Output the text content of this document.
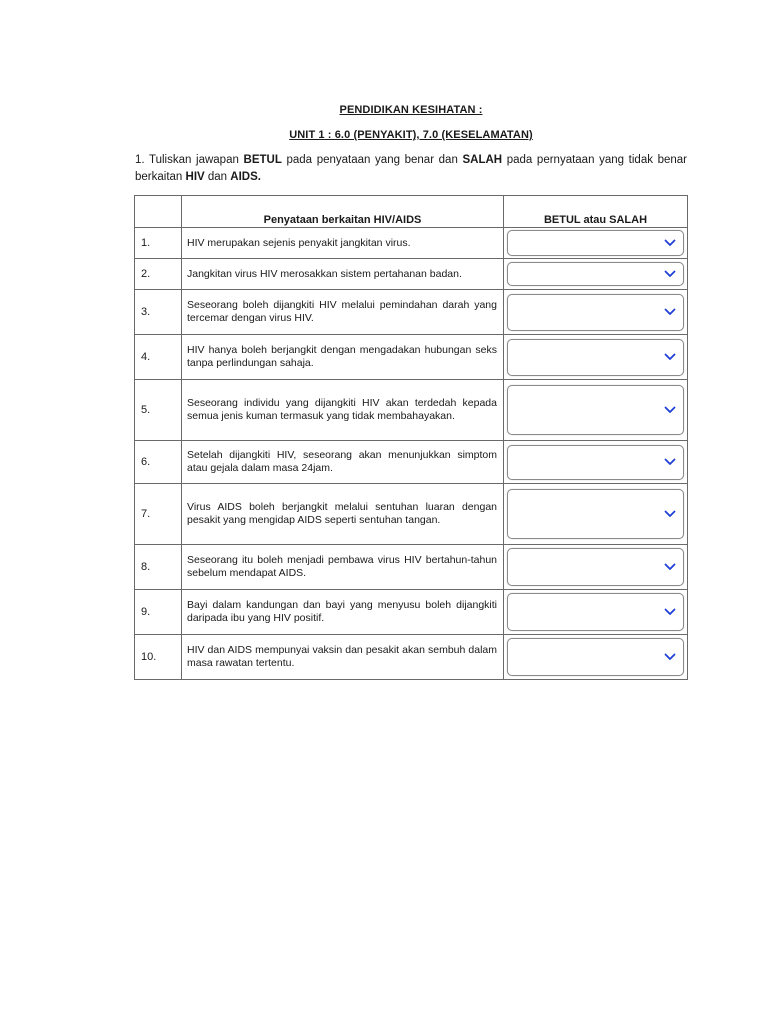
PENDIDIKAN KESIHATAN :
UNIT 1 : 6.0 (PENYAKIT), 7.0 (KESELAMATAN)
1. Tuliskan jawapan BETUL pada penyataan yang benar dan SALAH pada pernyataan yang tidak benar berkaitan HIV dan AIDS.
	Penyataan berkaitan HIV/AIDS	BETUL atau SALAH
1.	HIV merupakan sejenis penyakit jangkitan virus.	

2.	Jangkitan virus HIV merosakkan sistem pertahanan badan.	

3.	Seseorang boleh dijangkiti HIV melalui pemindahan darah yang tercemar dengan virus HIV.	

4.	HIV hanya boleh berjangkit dengan mengadakan hubungan seks tanpa perlindungan sahaja.	

5.	Seseorang individu yang dijangkiti HIV akan terdedah kepada semua jenis kuman termasuk yang tidak membahayakan.	

6.	Setelah dijangkiti HIV, seseorang akan menunjukkan simptom atau gejala dalam masa 24jam.	

7.	Virus AIDS boleh berjangkit melalui sentuhan luaran dengan pesakit yang mengidap AIDS seperti sentuhan tangan.	

8.	Seseorang itu boleh menjadi pembawa virus HIV bertahun-tahun sebelum mendapat AIDS.	

9.	Bayi dalam kandungan dan bayi yang menyusu boleh dijangkiti daripada ibu yang HIV positif.	

10.	HIV dan AIDS mempunyai vaksin dan pesakit akan sembuh dalam masa rawatan tertentu.	
